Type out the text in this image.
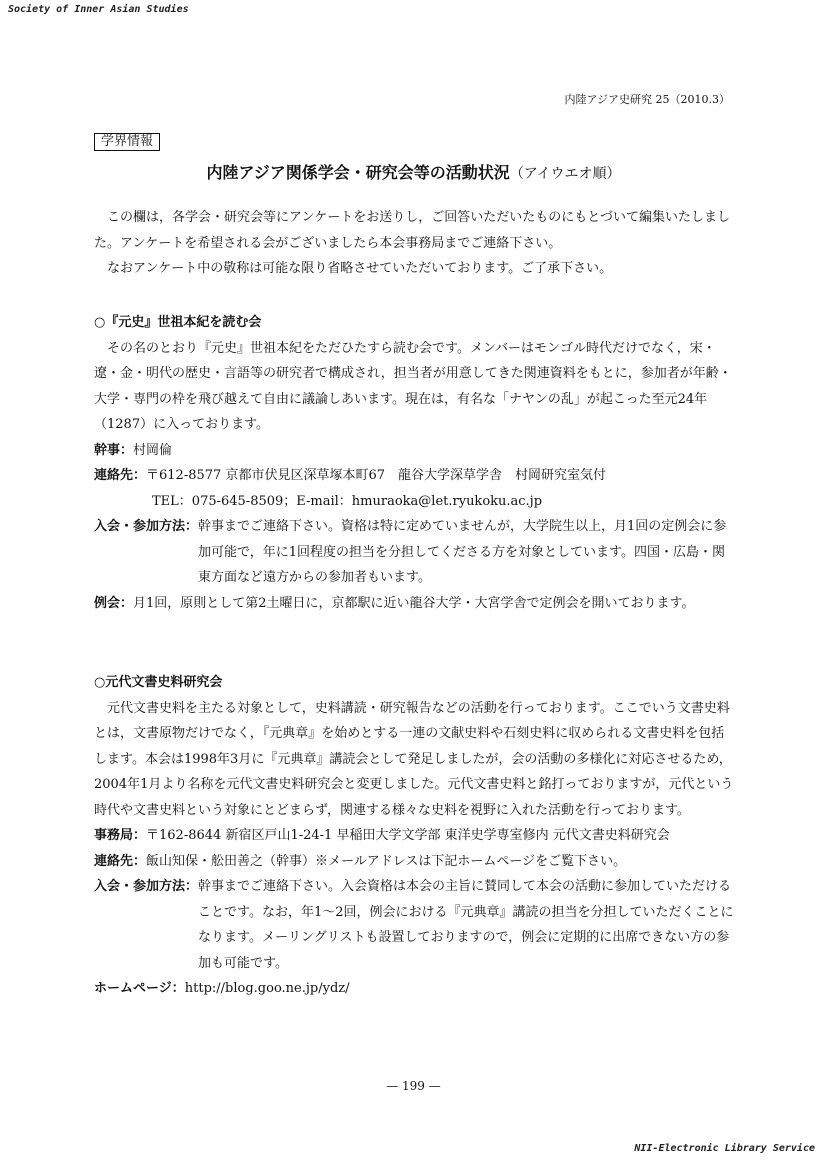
Society of Inner Asian Studies
内陸アジア史研究 25（2010.3）
学界情報
内陸アジア関係学会・研究会等の活動状況（アイウエオ順）

この欄は，各学会・研究会等にアンケートをお送りし，ご回答いただいたものにもとづいて編集いたしました。アンケートを希望される会がございましたら本会事務局までご連絡下さい。

なおアンケート中の敬称は可能な限り省略させていただいております。ご了承下さい。

○『元史』世祖本紀を読む会

その名のとおり『元史』世祖本紀をただひたすら読む会です。メンバーはモンゴル時代だけでなく，宋・遼・金・明代の歴史・言語等の研究者で構成され，担当者が用意してきた関連資料をもとに，参加者が年齢・大学・専門の枠を飛び越えて自由に議論しあいます。現在は，有名な「ナヤンの乱」が起こった至元24年（1287）に入っております。

幹事： 村岡倫

連絡先： 〒612-8577 京都市伏見区深草塚本町67　龍谷大学深草学舎　村岡研究室気付

TEL：075-645-8509；E-mail：hmuraoka@let.ryukoku.ac.jp

入会・参加方法： 幹事までご連絡下さい。資格は特に定めていませんが，大学院生以上，月1回の定例会に参加可能で，年に1回程度の担当を分担してくださる方を対象としています。四国・広島・関東方面など遠方からの参加者もいます。

例会： 月1回，原則として第2土曜日に，京都駅に近い龍谷大学・大宮学舎で定例会を開いております。

○元代文書史料研究会

元代文書史料を主たる対象として，史料講読・研究報告などの活動を行っております。ここでいう文書史料とは，文書原物だけでなく，『元典章』を始めとする一連の文献史料や石刻史料に収められる文書史料を包括します。本会は1998年3月に『元典章』講読会として発足しましたが，会の活動の多様化に対応させるため，2004年1月より名称を元代文書史料研究会と変更しました。元代文書史料と銘打っておりますが，元代という時代や文書史料という対象にとどまらず，関連する様々な史料を視野に入れた活動を行っております。

事務局： 〒162-8644 新宿区戸山1-24-1 早稲田大学文学部 東洋史学専室修内 元代文書史料研究会

連絡先： 飯山知保・舩田善之（幹事）※メールアドレスは下記ホームページをご覧下さい。

入会・参加方法： 幹事までご連絡下さい。入会資格は本会の主旨に賛同して本会の活動に参加していただけることです。なお，年1～2回，例会における『元典章』講読の担当を分担していただくことになります。メーリングリストも設置しておりますので，例会に定期的に出席できない方の参加も可能です。

ホームページ： http://blog.goo.ne.jp/ydz/

— 199 —
NII-Electronic Library Service
